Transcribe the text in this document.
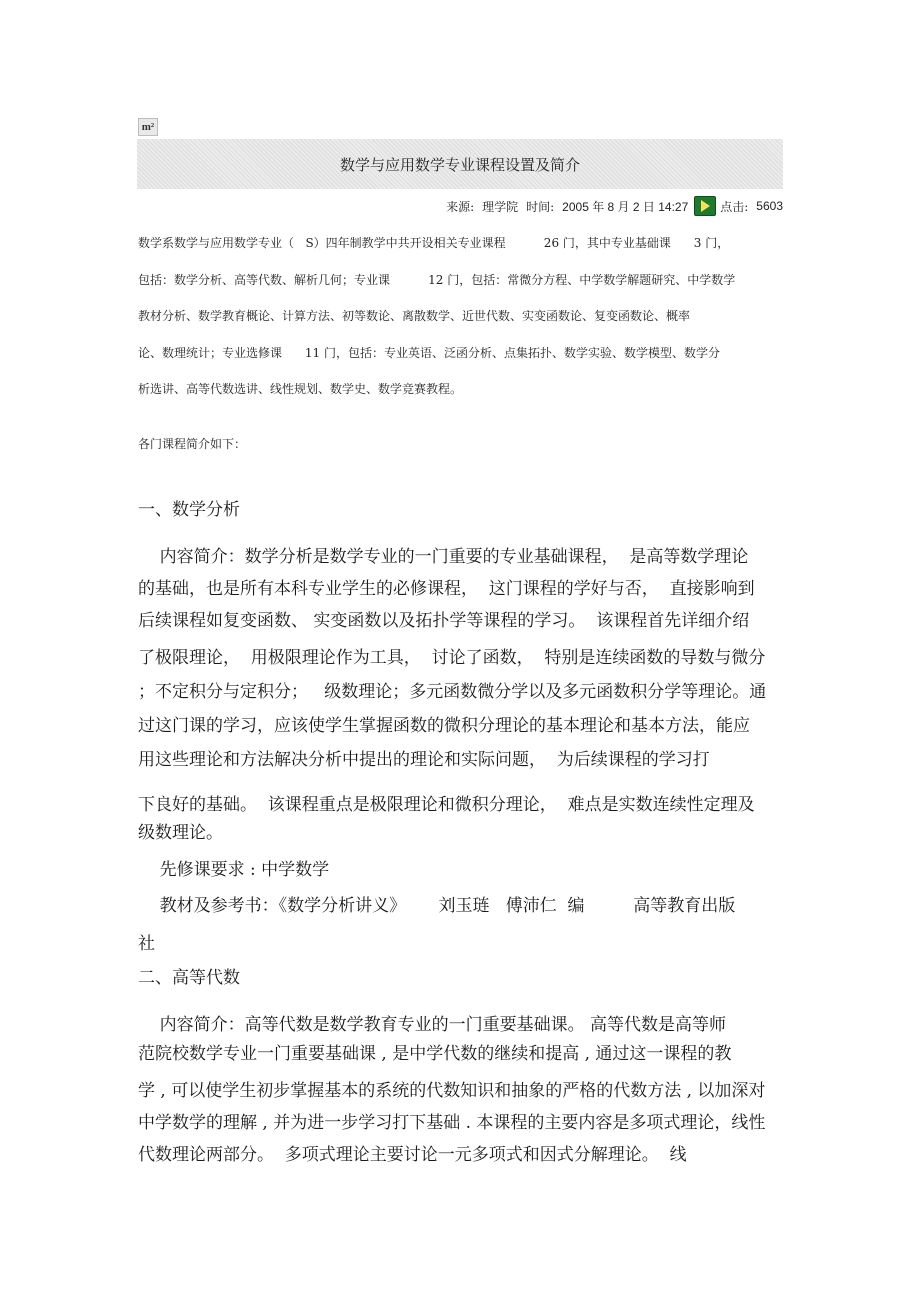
m²
数学与应用数学专业课程设置及简介
来源: 理学院 时间: 2005 年 8 月 2 日 14:27	点击: 5603
数学系数学与应用数学专业（   S）四年制教学中共开设相关专业课程          26 门，其中专业基础课      3 门，
包括：数学分析、高等代数、解析几何；专业课          12 门，包括：常微分方程、中学数学解题研究、中学数学
教材分析、数学教育概论、计算方法、初等数论、离散数学、近世代数、实变函数论、复变函数论、概率
论、数理统计；专业选修课      11 门，包括：专业英语、泛函分析、点集拓扑、数学实验、数学模型、数学分
析选讲、高等代数选讲、线性规划、数学史、数学竞赛教程。
各门课程简介如下：
一、数学分析
内容简介：数学分析是数学专业的一门重要的专业基础课程，  是高等数学理论
的基础，也是所有本科专业学生的必修课程，  这门课程的学好与否，  直接影响到
后续课程如复变函数、 实变函数以及拓扑学等课程的学习。  该课程首先详细介绍
了极限理论，  用极限理论作为工具，  讨论了函数，  特别是连续函数的导数与微分
；不定积分与定积分；   级数理论；多元函数微分学以及多元函数积分学等理论。通
过这门课的学习，应该使学生掌握函数的微积分理论的基本理论和基本方法，能应
用这些理论和方法解决分析中提出的理论和实际问题，  为后续课程的学习打
下良好的基础。  该课程重点是极限理论和微积分理论，  难点是实数连续性定理及
级数理论。
先修课要求 : 中学数学
教材及参考书：《数学分析讲义》      刘玉琏   傅沛仁  编         高等教育出版
社
二、高等代数
内容简介：高等代数是数学教育专业的一门重要基础课。 高等代数是高等师
范院校数学专业一门重要基础课 , 是中学代数的继续和提高 , 通过这一课程的教
学 , 可以使学生初步掌握基本的系统的代数知识和抽象的严格的代数方法 , 以加深对
中学数学的理解 , 并为进一步学习打下基础 . 本课程的主要内容是多项式理论，线性
代数理论两部分。  多项式理论主要讨论一元多项式和因式分解理论。  线
